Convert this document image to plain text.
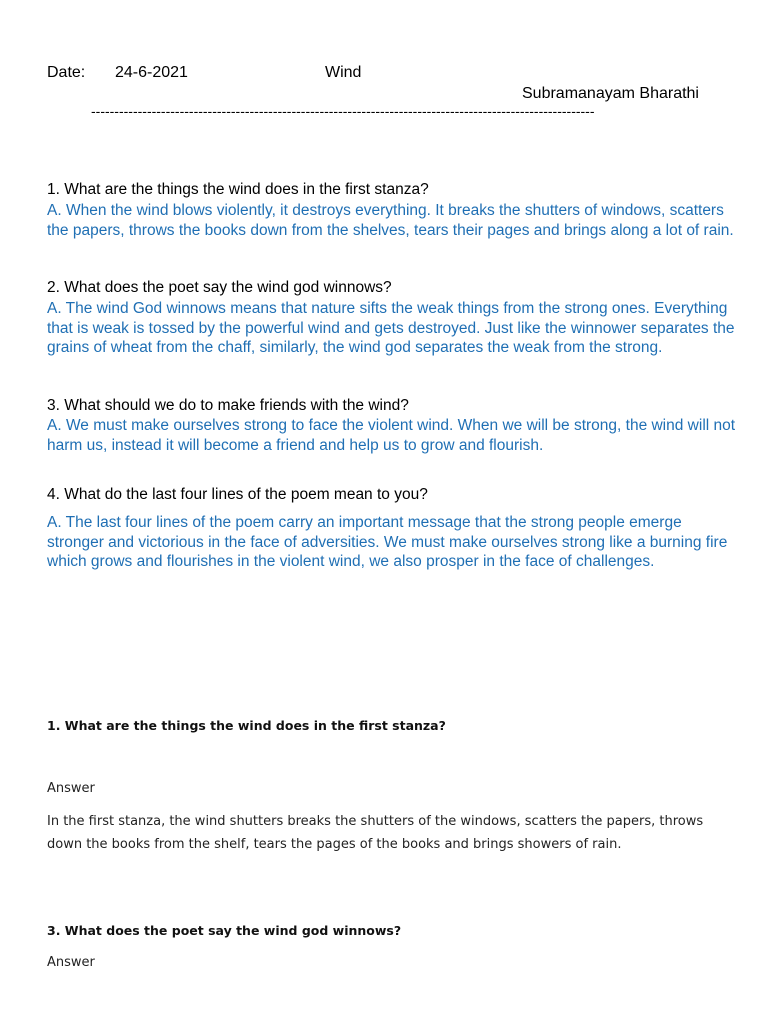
Date: 24-6-2021	Wind
Subramanayam Bharathi
------------------------------------------------------------------------------------------------------------
1. What are the things the wind does in the first stanza?
A. When the wind blows violently, it destroys everything. It breaks the shutters of windows, scatters the papers, throws the books down from the shelves, tears their pages and brings along a lot of rain.
2. What does the poet say the wind god winnows?
A. The wind God winnows means that nature sifts the weak things from the strong ones. Everything that is weak is tossed by the powerful wind and gets destroyed. Just like the winnower separates the grains of wheat from the chaff, similarly, the wind god separates the weak from the strong.
3. What should we do to make friends with the wind?
A. We must make ourselves strong to face the violent wind. When we will be strong, the wind will not harm us, instead it will become a friend and help us to grow and flourish.
4. What do the last four lines of the poem mean to you?
A. The last four lines of the poem carry an important message that the strong people emerge stronger and victorious in the face of adversities. We must make ourselves strong like a burning fire which grows and flourishes in the violent wind, we also prosper in the face of challenges.
1. What are the things the wind does in the first stanza?
Answer
In the first stanza, the wind shutters breaks the shutters of the windows, scatters the papers, throws down the books from the shelf, tears the pages of the books and brings showers of rain.
3. What does the poet say the wind god winnows?
Answer
